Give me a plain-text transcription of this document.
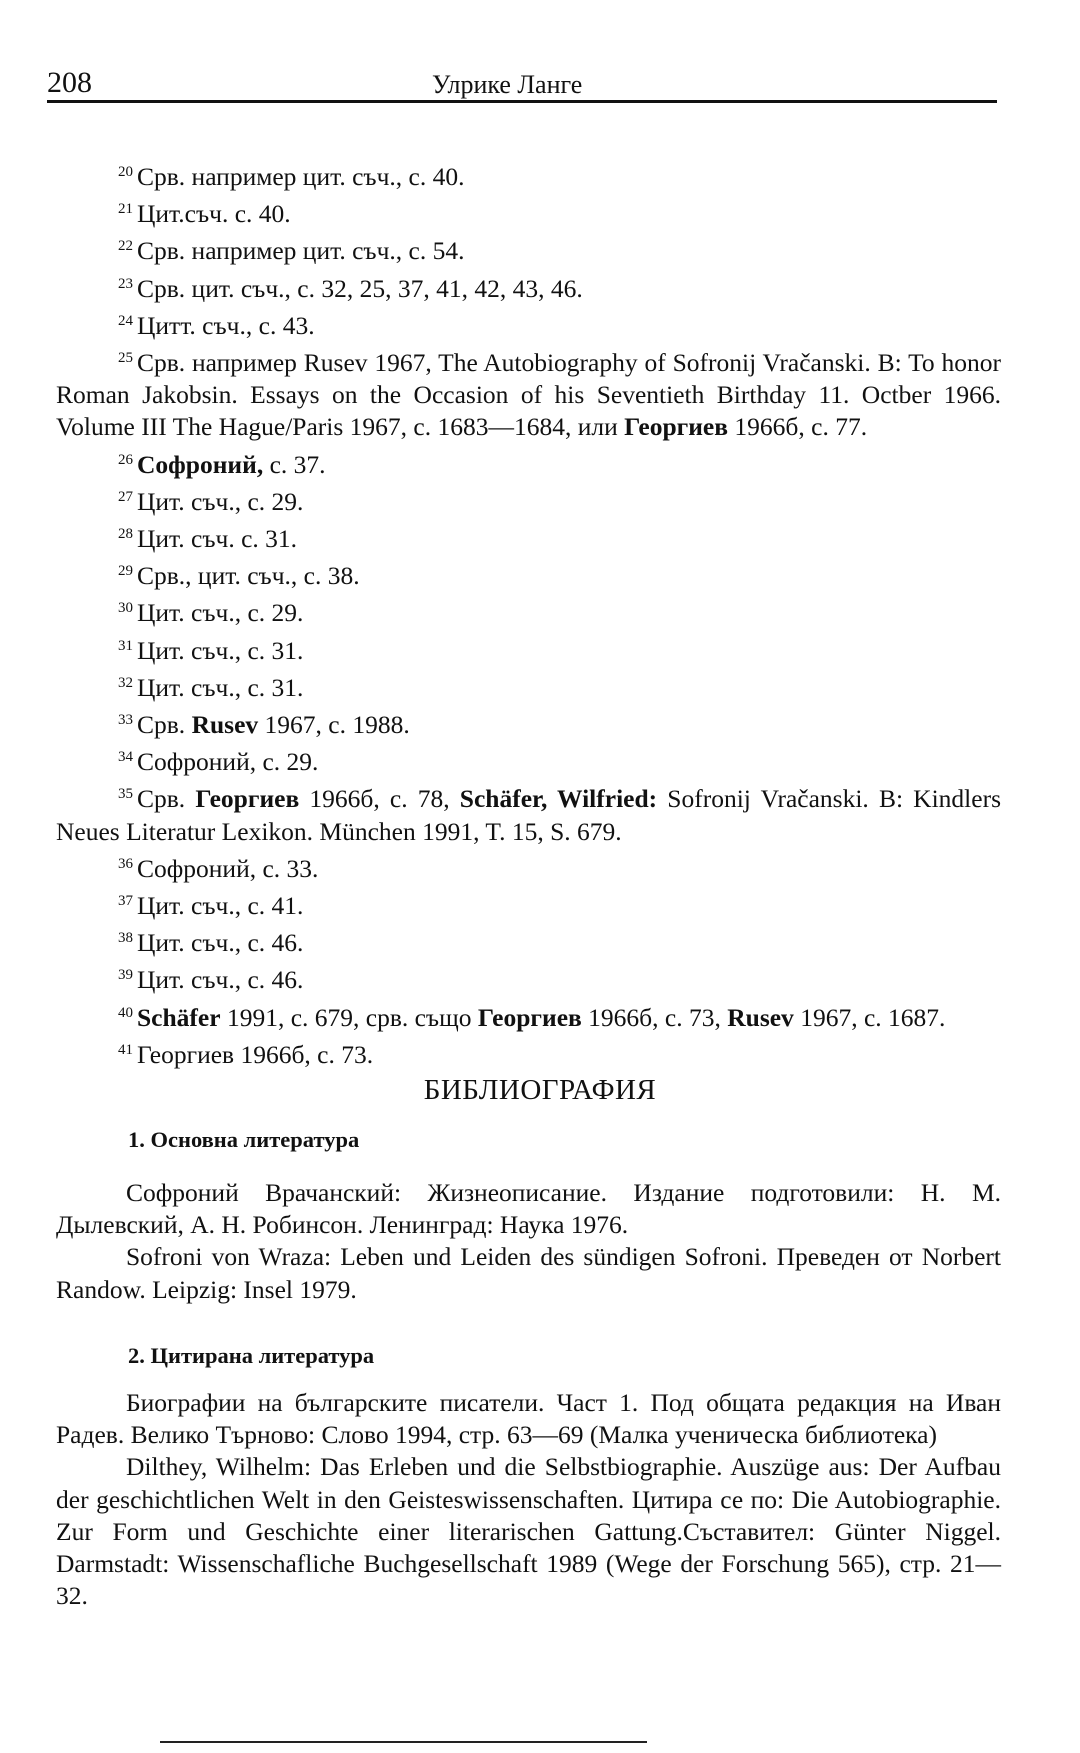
208	Улрике Ланге

$^{20}$ Срв. например цит. съч., с. 40.

$^{21}$ Цит.съч. с. 40.

$^{22}$ Срв. например цит. съч., с. 54.

$^{23}$ Срв. цит. съч., с. 32, 25, 37, 41, 42, 43, 46.

$^{24}$ Цитт. съч., с. 43.

$^{25}$ Срв. например Rusev 1967, The Autobiography of Sofronij Vračanski. B: To honor Roman Jakobsin. Essays on the Occasion of his Seventieth Birthday 11. Octber 1966. Volume III The Hague/Paris 1967, с. 1683—1684, или Георгиев 1966б, с. 77.

$^{26}$ Софроний, с. 37.

$^{27}$ Цит. съч., с. 29.

$^{28}$ Цит. съч. с. 31.

$^{29}$ Срв., цит. съч., с. 38.

$^{30}$ Цит. съч., с. 29.

$^{31}$ Цит. съч., с. 31.

$^{32}$ Цит. съч., с. 31.

$^{33}$ Срв. Rusev 1967, с. 1988.

$^{34}$ Софроний, с. 29.

$^{35}$ Срв. Георгиев 1966б, с. 78, Schäfer, Wilfried: Sofronij Vračanski. B: Kindlers Neues Literatur Lexikon. München 1991, T. 15, S. 679.

$^{36}$ Софроний, с. 33.

$^{37}$ Цит. съч., с. 41.

$^{38}$ Цит. съч., с. 46.

$^{39}$ Цит. съч., с. 46.

$^{40}$ Schäfer 1991, с. 679, срв. също Георгиев 1966б, с. 73, Rusev 1967, с. 1687.

$^{41}$ Георгиев 1966б, с. 73.

БИБЛИОГРАФИЯ
1. Основна литература

Софроний Врачанский: Жизнеописание. Издание подготовили: Н. М. Дылевский, А. Н. Робинсон. Ленинград: Наука 1976.

Sofroni von Wraza: Leben und Leiden des sündigen Sofroni. Преведен от Norbert Randow. Leipzig: Insel 1979.

2. Цитирана литература

Биографии на българските писатели. Част 1. Под общата редакция на Иван Радев. Велико Търново: Слово 1994, стр. 63—69 (Малка ученическа библиотека)

Dilthey, Wilhelm: Das Erleben und die Selbstbiographie. Auszüge aus: Der Aufbau der geschichtlichen Welt in den Geisteswissenschaften. Цитира се по: Die Autobiographie. Zur Form und Geschichte einer literarischen Gattung.Съставител: Günter Niggel. Darmstadt: Wissenschafliche Buchgesellschaft 1989 (Wege der Forschung 565), стр. 21—32.
